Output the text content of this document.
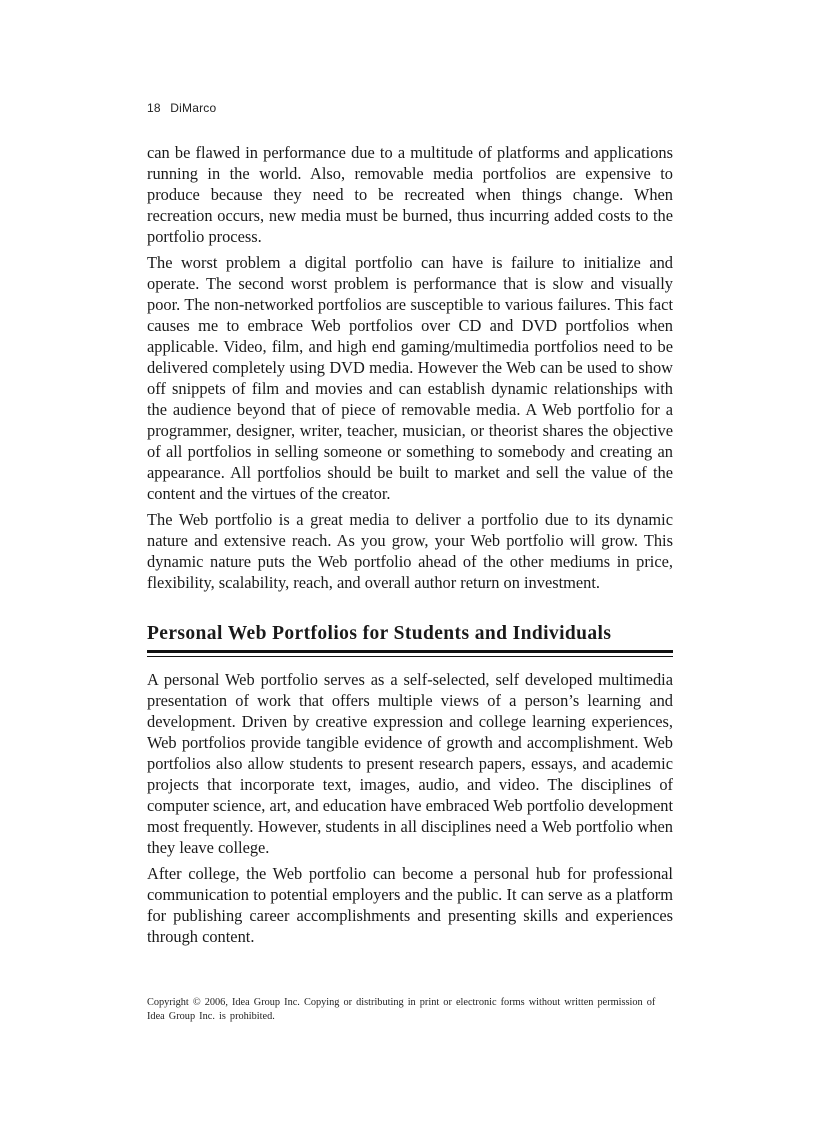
18 DiMarco

can be flawed in performance due to a multitude of platforms and applications running in the world. Also, removable media portfolios are expensive to produce because they need to be recreated when things change. When recreation occurs, new media must be burned, thus incurring added costs to the portfolio process.

The worst problem a digital portfolio can have is failure to initialize and operate. The second worst problem is performance that is slow and visually poor. The non-networked portfolios are susceptible to various failures. This fact causes me to embrace Web portfolios over CD and DVD portfolios when applicable. Video, film, and high end gaming/multimedia portfolios need to be delivered completely using DVD media. However the Web can be used to show off snippets of film and movies and can establish dynamic relationships with the audience beyond that of piece of removable media. A Web portfolio for a programmer, designer, writer, teacher, musician, or theorist shares the objective of all portfolios in selling someone or something to somebody and creating an appearance. All portfolios should be built to market and sell the value of the content and the virtues of the creator.

The Web portfolio is a great media to deliver a portfolio due to its dynamic nature and extensive reach. As you grow, your Web portfolio will grow. This dynamic nature puts the Web portfolio ahead of the other mediums in price, flexibility, scalability, reach, and overall author return on investment.

Personal Web Portfolios for Students and Individuals

A personal Web portfolio serves as a self-selected, self developed multimedia presentation of work that offers multiple views of a person’s learning and development. Driven by creative expression and college learning experiences, Web portfolios provide tangible evidence of growth and accomplishment. Web portfolios also allow students to present research papers, essays, and academic projects that incorporate text, images, audio, and video. The disciplines of computer science, art, and education have embraced Web portfolio development most frequently. However, students in all disciplines need a Web portfolio when they leave college.

After college, the Web portfolio can become a personal hub for professional communication to potential employers and the public. It can serve as a platform for publishing career accomplishments and presenting skills and experiences through content.

Copyright © 2006, Idea Group Inc. Copying or distributing in print or electronic forms without written permission of Idea Group Inc. is prohibited.
